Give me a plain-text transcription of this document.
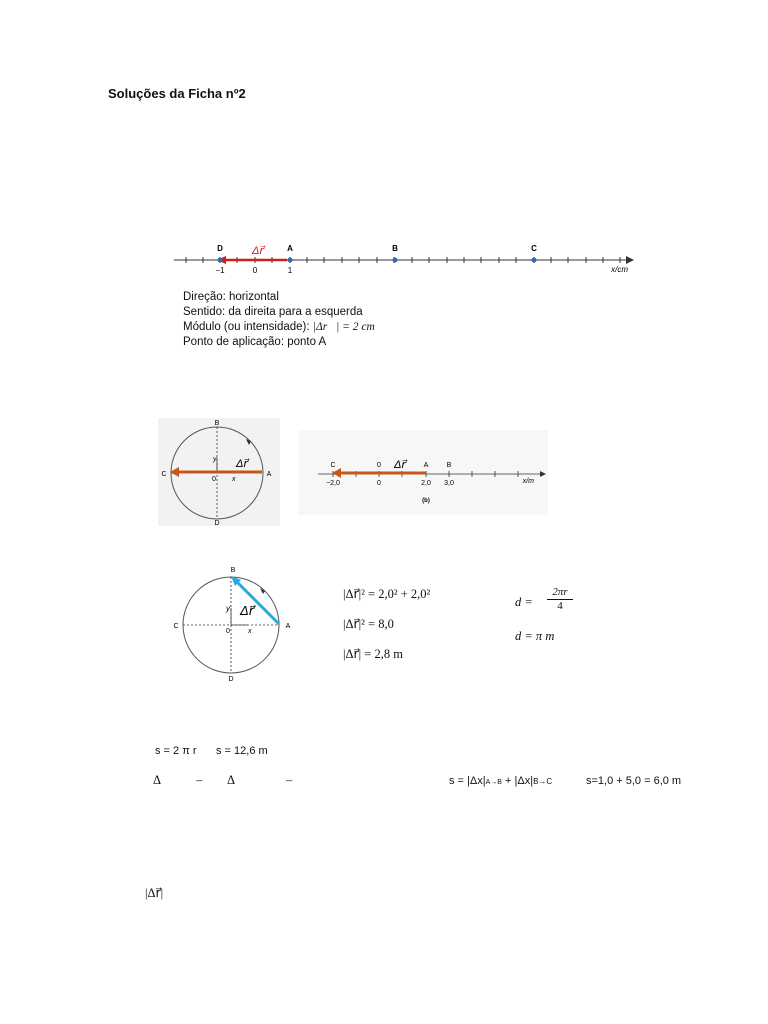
Soluções da Ficha nº2
D	A	B	C
Δr⃗
−1	0	1	x/cm
Direção: horizontal
Sentido: da direita para a esquerda
Módulo (ou intensidade): |Δr⃗| = 2 cm
Ponto de aplicação: ponto A
B
C	A
D
y
x
0
Δr⃗	C	0	A	B
Δr⃗
−2,0	0	2,0 3,0	x/m
(b)
B
C	A
D
y
x
0
Δr⃗
|Δr⃗|² = 2,0² + 2,0²
|Δr⃗|² = 8,0
|Δr⃗| = 2,8 m
$d = \frac{2\pi r}{4}$
d = π m
s = 2 π r s = 12,6 m
Δ	– Δ	–	s = |Δx|A→B + |Δx|B→C	s=1,0 + 5,0 = 6,0 m
|Δr⃗|
